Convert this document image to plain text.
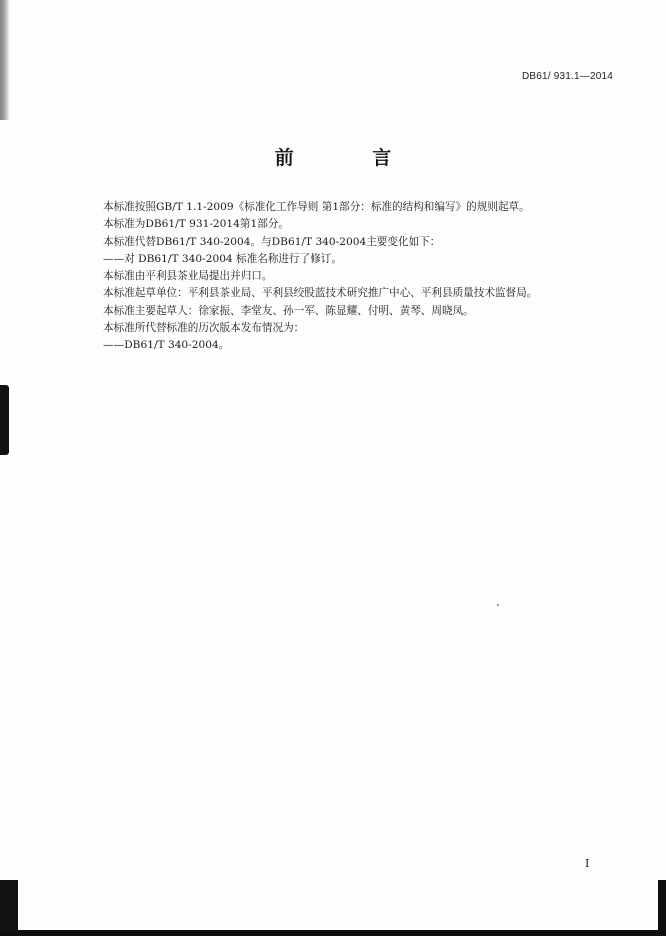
DB61/ 931.1—2014
前 言
本标准按照GB/T 1.1-2009《标准化工作导则 第1部分：标准的结构和编写》的规则起草。
本标准为DB61/T 931-2014第1部分。
本标准代替DB61/T 340-2004。与DB61/T 340-2004主要变化如下：
——对 DB61/T 340-2004 标准名称进行了修订。
本标准由平利县茶业局提出并归口。
本标准起草单位：平利县茶业局、平利县绞股蓝技术研究推广中心、平利县质量技术监督局。
本标准主要起草人：徐家振、李堂友、孙一军、陈显耀、付明、黄琴、周晓凤。
本标准所代替标准的历次版本发布情况为：
——DB61/T 340-2004。
I
